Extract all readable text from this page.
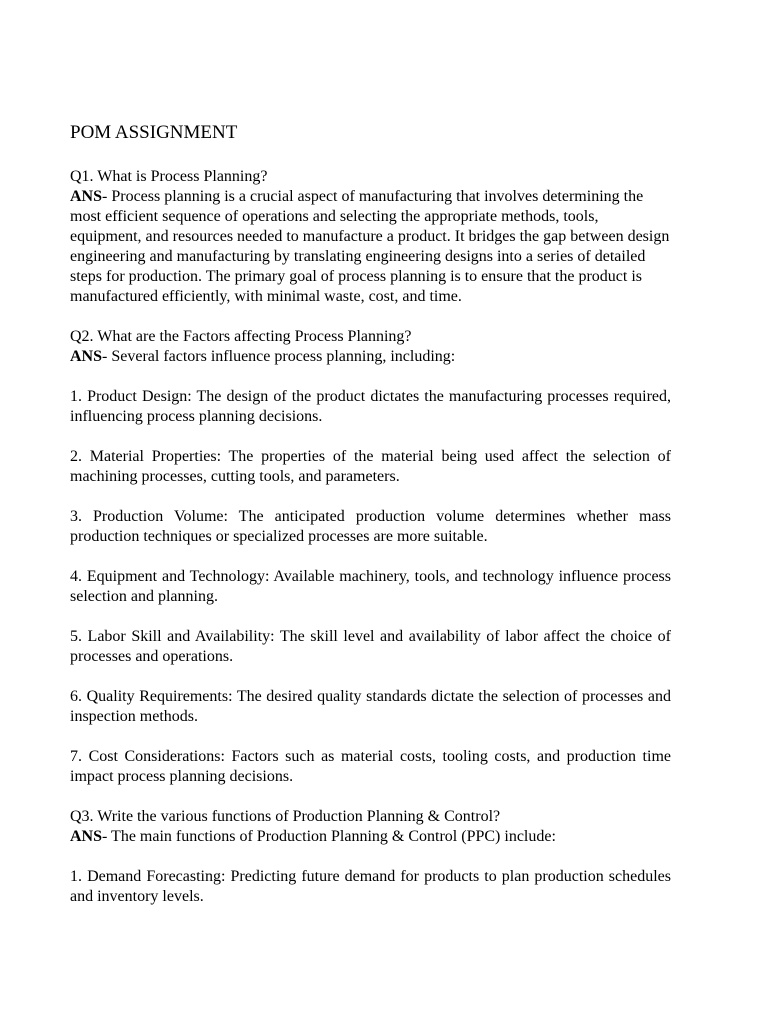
POM ASSIGNMENT

Q1. What is Process Planning?

ANS- Process planning is a crucial aspect of manufacturing that involves determining the most efficient sequence of operations and selecting the appropriate methods, tools, equipment, and resources needed to manufacture a product. It bridges the gap between design engineering and manufacturing by translating engineering designs into a series of detailed steps for production. The primary goal of process planning is to ensure that the product is manufactured efficiently, with minimal waste, cost, and time.

Q2. What are the Factors affecting Process Planning?

ANS- Several factors influence process planning, including:

1. Product Design: The design of the product dictates the manufacturing processes required, influencing process planning decisions.

2. Material Properties: The properties of the material being used affect the selection of machining processes, cutting tools, and parameters.

3. Production Volume: The anticipated production volume determines whether mass production techniques or specialized processes are more suitable.

4. Equipment and Technology: Available machinery, tools, and technology influence process selection and planning.

5. Labor Skill and Availability: The skill level and availability of labor affect the choice of processes and operations.

6. Quality Requirements: The desired quality standards dictate the selection of processes and inspection methods.

7. Cost Considerations: Factors such as material costs, tooling costs, and production time impact process planning decisions.

Q3. Write the various functions of Production Planning & Control?

ANS- The main functions of Production Planning & Control (PPC) include:

1. Demand Forecasting: Predicting future demand for products to plan production schedules and inventory levels.
